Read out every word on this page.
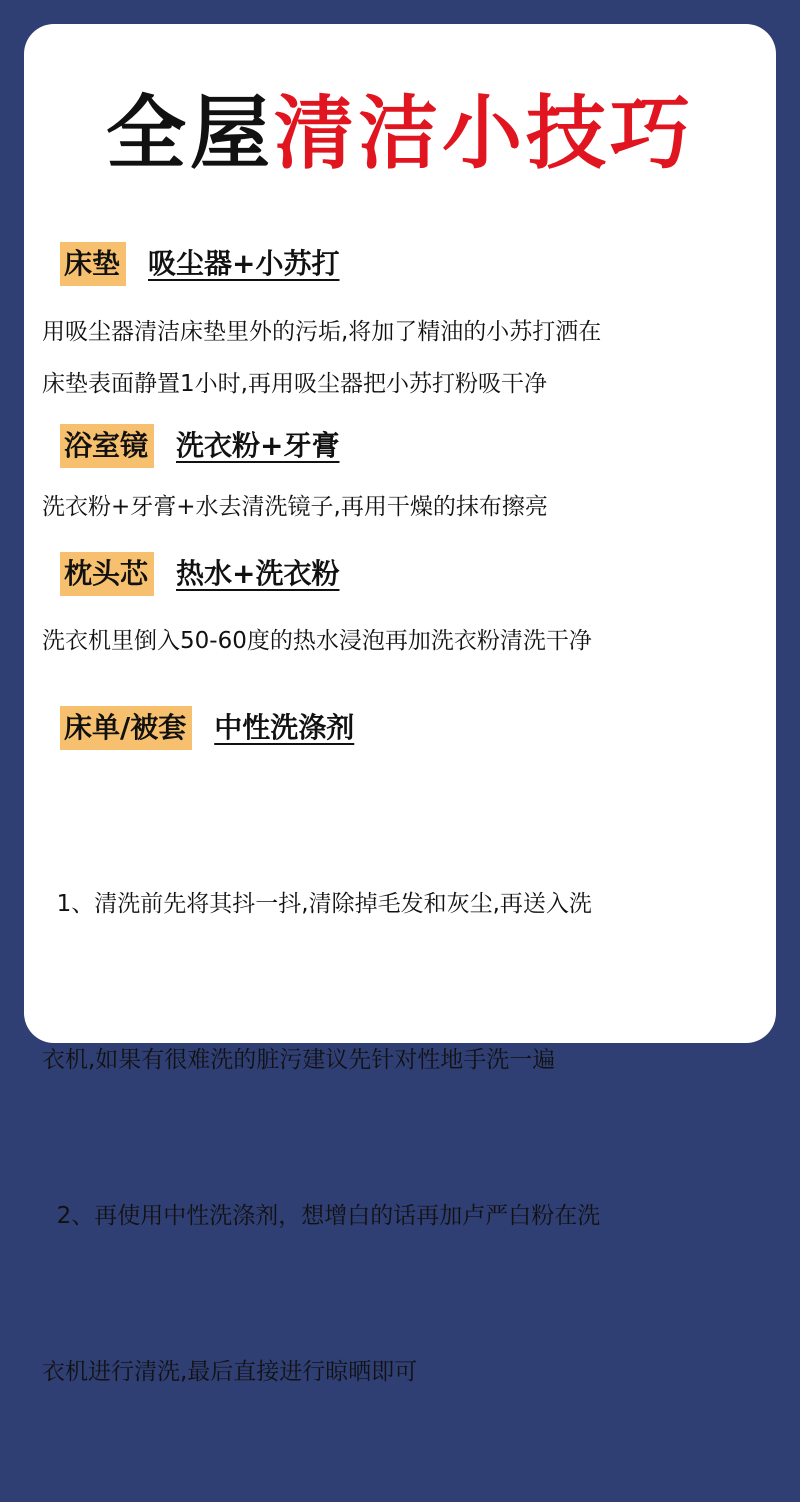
全屋清洁小技巧
床垫 吸尘器+小苏打
用吸尘器清洁床垫里外的污垢,将加了精油的小苏打洒在
床垫表面静置1小时,再用吸尘器把小苏打粉吸干净
浴室镜 洗衣粉+牙膏
洗衣粉+牙膏+水去清洗镜子,再用干燥的抹布擦亮
枕头芯 热水+洗衣粉
洗衣机里倒入50-60度的热水浸泡再加洗衣粉清洗干净
床单/被套 中性洗涤剂

1、清洗前先将其抖一抖,清除掉毛发和灰尘,再送入洗

衣机,如果有很难洗的脏污建议先针对性地手洗一遍

2、再使用中性洗涤剂，想增白的话再加卢严白粉在洗

衣机进行清洗,最后直接进行晾晒即可
